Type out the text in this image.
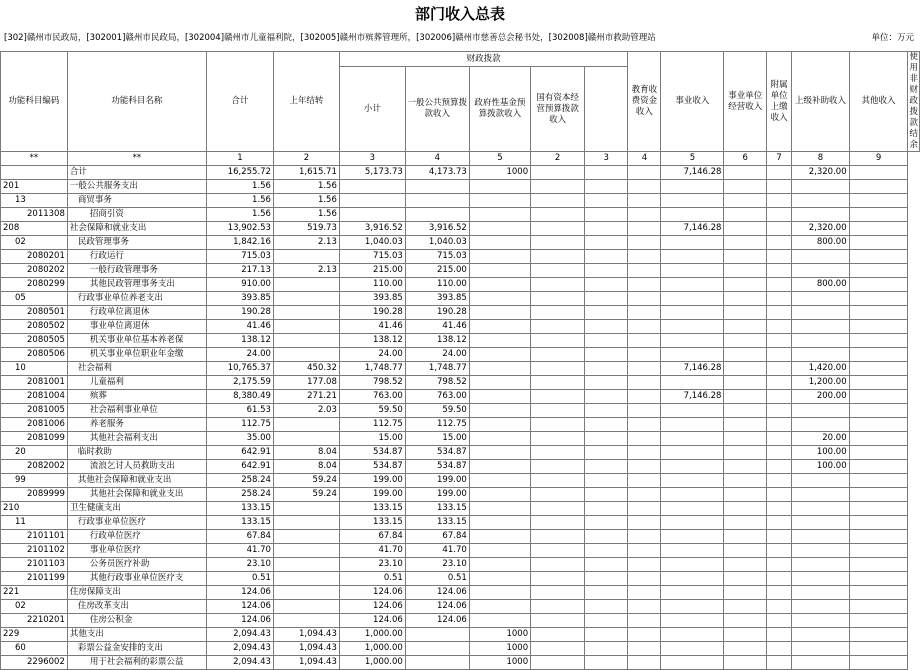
部门收入总表
[302]赣州市民政局，[302001]赣州市民政局，[302004]赣州市儿童福利院，[302005]赣州市殡葬管理所，[302006]赣州市慈善总会秘书处，[302008]赣州市救助管理站	单位：万元
功能科目编码	功能科目名称	合计	上年结转	财政拨款					教育收费资金收入	事业收入	事业单位经营收入	附属单位上缴收入	上级补助收入	其他收入	使用非财政拨款结余
				小计	一般公共预算拨款收入	政府性基金预算拨款收入	国有资本经营预算拨款收入								

**	**	1	2	3	4	5	2	3	4	5	6	7	8	9	
	合计	16,255.72	1,615.71	5,173.73	4,173.73	1000				7,146.28			2,320.00		
201	一般公共服务支出	1.56	1.56												
13	商贸事务	1.56	1.56												
2011308	招商引资	1.56	1.56												
208	社会保障和就业支出	13,902.53	519.73	3,916.52	3,916.52					7,146.28			2,320.00		
02	民政管理事务	1,842.16	2.13	1,040.03	1,040.03								800.00		
2080201	行政运行	715.03		715.03	715.03										
2080202	一般行政管理事务	217.13	2.13	215.00	215.00										
2080299	其他民政管理事务支出	910.00		110.00	110.00								800.00		
05	行政事业单位养老支出	393.85		393.85	393.85										
2080501	行政单位离退休	190.28		190.28	190.28										
2080502	事业单位离退休	41.46		41.46	41.46										
2080505	机关事业单位基本养老保	138.12		138.12	138.12										
2080506	机关事业单位职业年金缴	24.00		24.00	24.00										
10	社会福利	10,765.37	450.32	1,748.77	1,748.77					7,146.28			1,420.00		
2081001	儿童福利	2,175.59	177.08	798.52	798.52								1,200.00		
2081004	殡葬	8,380.49	271.21	763.00	763.00					7,146.28			200.00		
2081005	社会福利事业单位	61.53	2.03	59.50	59.50										
2081006	养老服务	112.75		112.75	112.75										
2081099	其他社会福利支出	35.00		15.00	15.00								20.00		
20	临时救助	642.91	8.04	534.87	534.87								100.00		
2082002	流浪乞讨人员救助支出	642.91	8.04	534.87	534.87								100.00		
99	其他社会保障和就业支出	258.24	59.24	199.00	199.00										
2089999	其他社会保障和就业支出	258.24	59.24	199.00	199.00										
210	卫生健康支出	133.15		133.15	133.15										
11	行政事业单位医疗	133.15		133.15	133.15										
2101101	行政单位医疗	67.84		67.84	67.84										
2101102	事业单位医疗	41.70		41.70	41.70										
2101103	公务员医疗补助	23.10		23.10	23.10										
2101199	其他行政事业单位医疗支	0.51		0.51	0.51										
221	住房保障支出	124.06		124.06	124.06										
02	住房改革支出	124.06		124.06	124.06										
2210201	住房公积金	124.06		124.06	124.06										
229	其他支出	2,094.43	1,094.43	1,000.00		1000									
60	彩票公益金安排的支出	2,094.43	1,094.43	1,000.00		1000									
2296002	用于社会福利的彩票公益	2,094.43	1,094.43	1,000.00		1000									
